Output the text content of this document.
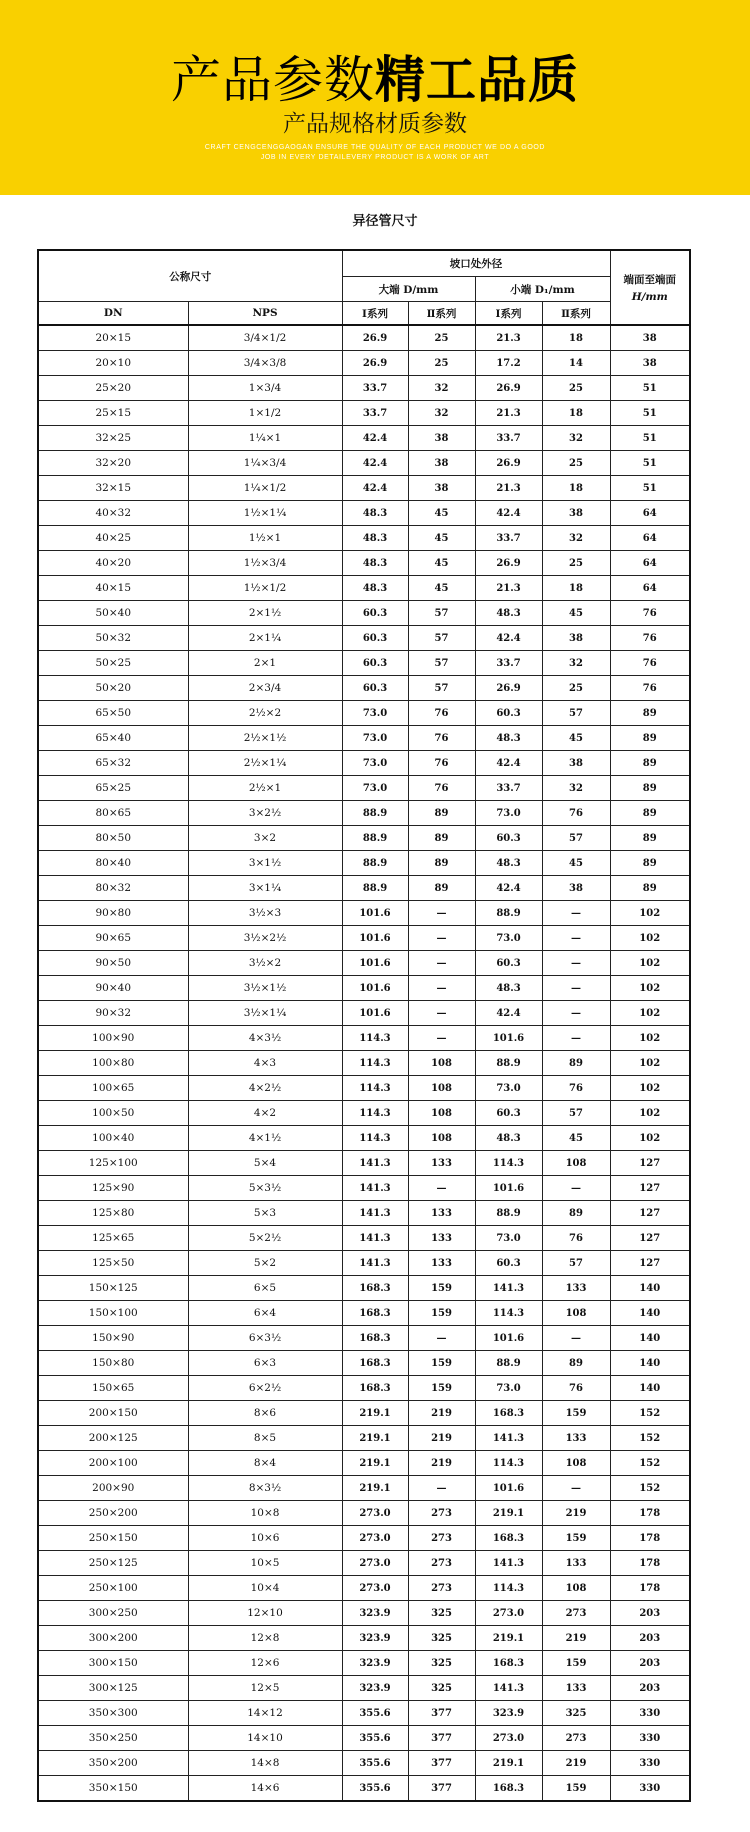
产品参数精工品质
产品规格材质参数
CRAFT CENGCENGGAOGAN ENSURE THE QUALITY OF EACH PRODUCT WE DO A GOOD
JOB IN EVERY DETAILEVERY PRODUCT IS A WORK OF ART
异径管尺寸
公称尺寸		坡口处外径				端面至端面
H/mm

		大端 D/mm		小端 D₁/mm		
DN	NPS	Ⅰ系列	Ⅱ系列	Ⅰ系列	Ⅱ系列	
20×15	3/4×1/2	26.9	25	21.3	18	38
20×10	3/4×3/8	26.9	25	17.2	14	38
25×20	1×3/4	33.7	32	26.9	25	51
25×15	1×1/2	33.7	32	21.3	18	51
32×25	1¼×1	42.4	38	33.7	32	51
32×20	1¼×3/4	42.4	38	26.9	25	51
32×15	1¼×1/2	42.4	38	21.3	18	51
40×32	1½×1¼	48.3	45	42.4	38	64
40×25	1½×1	48.3	45	33.7	32	64
40×20	1½×3/4	48.3	45	26.9	25	64
40×15	1½×1/2	48.3	45	21.3	18	64
50×40	2×1½	60.3	57	48.3	45	76
50×32	2×1¼	60.3	57	42.4	38	76
50×25	2×1	60.3	57	33.7	32	76
50×20	2×3/4	60.3	57	26.9	25	76
65×50	2½×2	73.0	76	60.3	57	89
65×40	2½×1½	73.0	76	48.3	45	89
65×32	2½×1¼	73.0	76	42.4	38	89
65×25	2½×1	73.0	76	33.7	32	89
80×65	3×2½	88.9	89	73.0	76	89
80×50	3×2	88.9	89	60.3	57	89
80×40	3×1½	88.9	89	48.3	45	89
80×32	3×1¼	88.9	89	42.4	38	89
90×80	3½×3	101.6	—	88.9	—	102
90×65	3½×2½	101.6	—	73.0	—	102
90×50	3½×2	101.6	—	60.3	—	102
90×40	3½×1½	101.6	—	48.3	—	102
90×32	3½×1¼	101.6	—	42.4	—	102
100×90	4×3½	114.3	—	101.6	—	102
100×80	4×3	114.3	108	88.9	89	102
100×65	4×2½	114.3	108	73.0	76	102
100×50	4×2	114.3	108	60.3	57	102
100×40	4×1½	114.3	108	48.3	45	102
125×100	5×4	141.3	133	114.3	108	127
125×90	5×3½	141.3	—	101.6	—	127
125×80	5×3	141.3	133	88.9	89	127
125×65	5×2½	141.3	133	73.0	76	127
125×50	5×2	141.3	133	60.3	57	127
150×125	6×5	168.3	159	141.3	133	140
150×100	6×4	168.3	159	114.3	108	140
150×90	6×3½	168.3	—	101.6	—	140
150×80	6×3	168.3	159	88.9	89	140
150×65	6×2½	168.3	159	73.0	76	140
200×150	8×6	219.1	219	168.3	159	152
200×125	8×5	219.1	219	141.3	133	152
200×100	8×4	219.1	219	114.3	108	152
200×90	8×3½	219.1	—	101.6	—	152
250×200	10×8	273.0	273	219.1	219	178
250×150	10×6	273.0	273	168.3	159	178
250×125	10×5	273.0	273	141.3	133	178
250×100	10×4	273.0	273	114.3	108	178
300×250	12×10	323.9	325	273.0	273	203
300×200	12×8	323.9	325	219.1	219	203
300×150	12×6	323.9	325	168.3	159	203
300×125	12×5	323.9	325	141.3	133	203
350×300	14×12	355.6	377	323.9	325	330
350×250	14×10	355.6	377	273.0	273	330
350×200	14×8	355.6	377	219.1	219	330
350×150	14×6	355.6	377	168.3	159	330
